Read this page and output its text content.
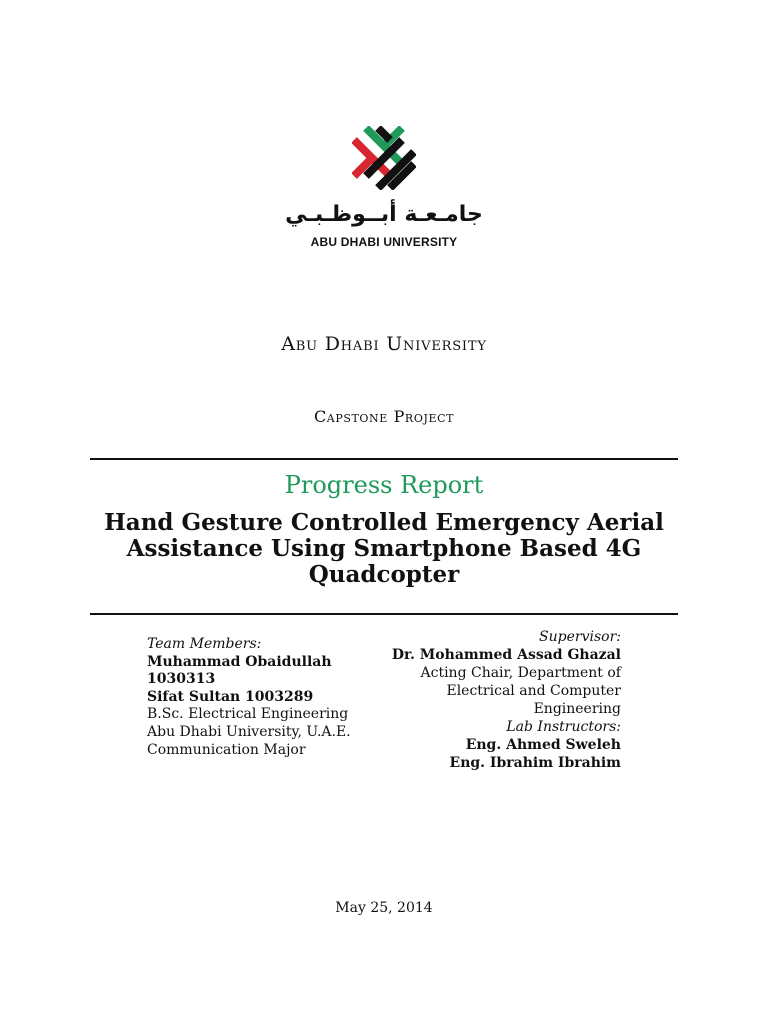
جامـعـة أبــوظـبـي
ABU DHABI UNIVERSITY
Abu Dhabi University
Capstone Project
Progress Report
Hand Gesture Controlled Emergency Aerial Assistance Using Smartphone Based 4G Quadcopter
Team Members:
Muhammad Obaidullah
1030313
Sifat Sultan 1003289
B.Sc. Electrical Engineering
Abu Dhabi University, U.A.E.
Communication Major
Supervisor:
Dr. Mohammed Assad Ghazal
Acting Chair, Department of
Electrical and Computer
Engineering
Lab Instructors:
Eng. Ahmed Sweleh
Eng. Ibrahim Ibrahim
May 25, 2014
